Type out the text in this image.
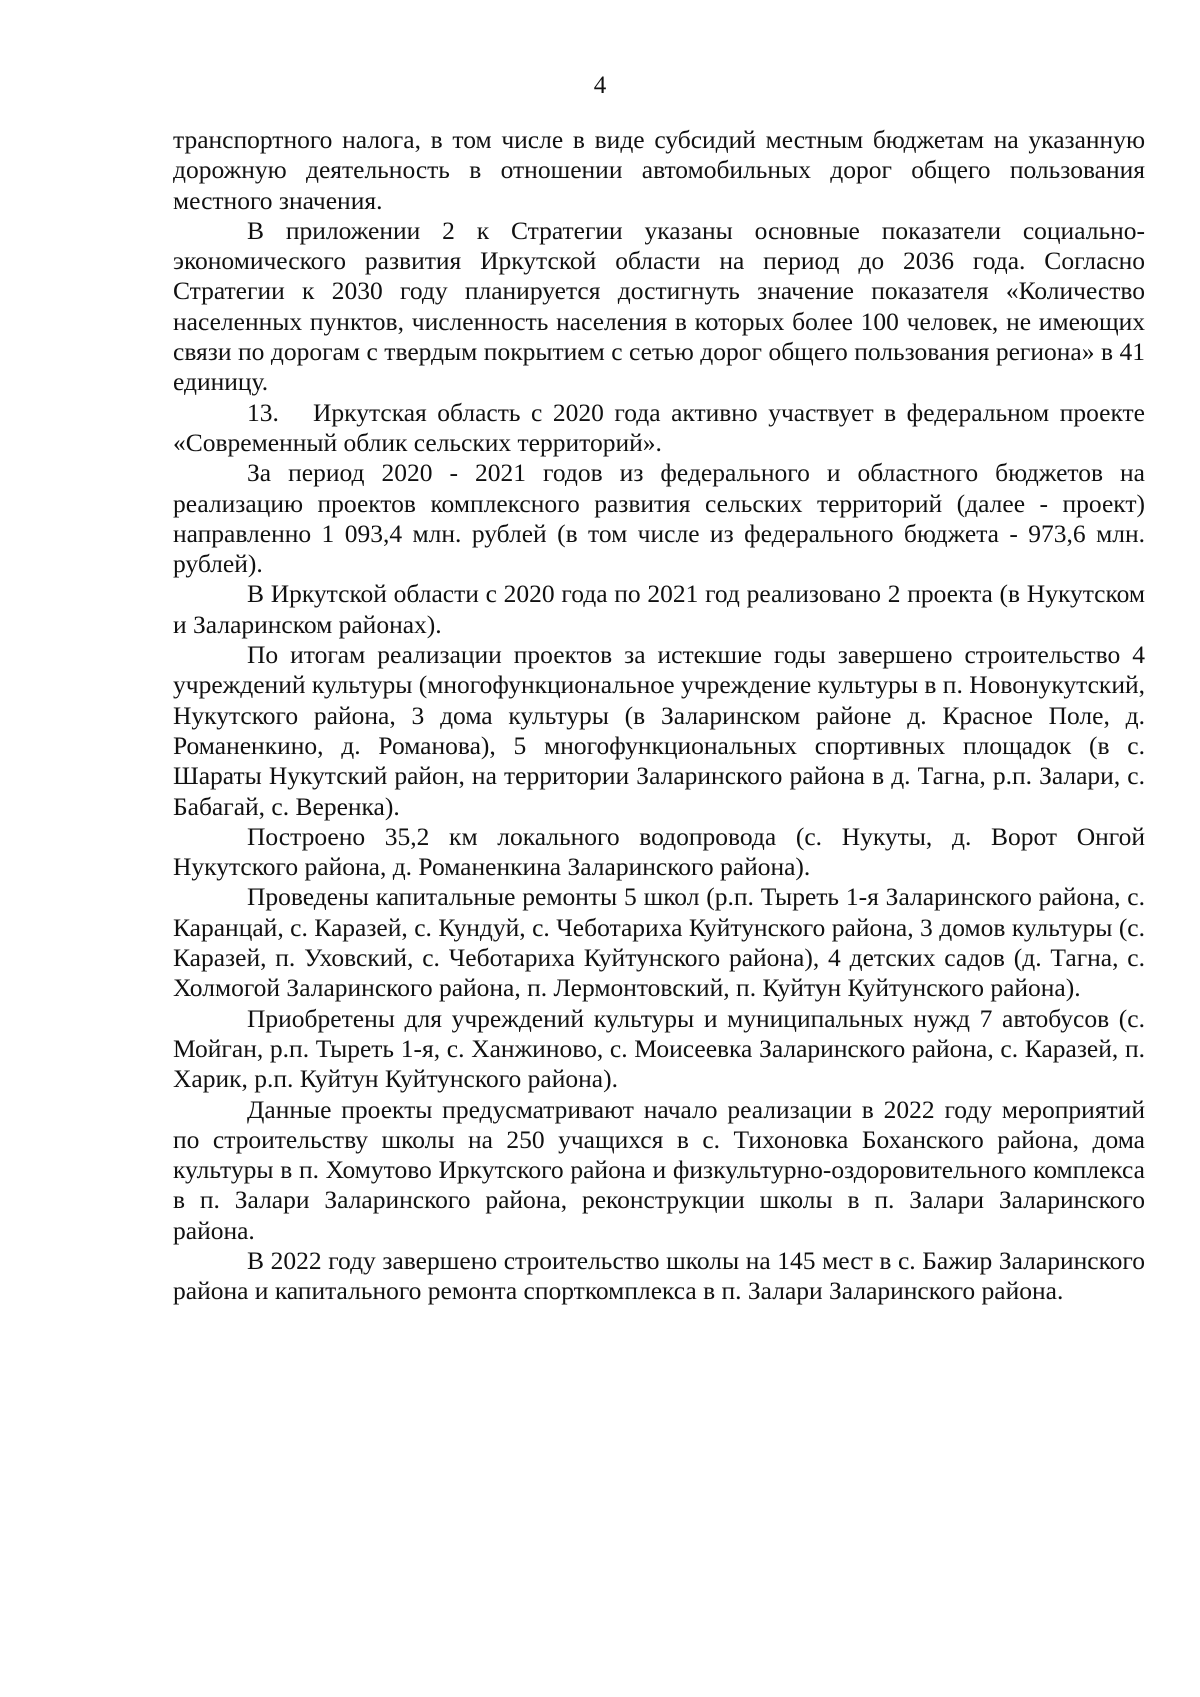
4

транспортного налога, в том числе в виде субсидий местным бюджетам на указанную дорожную деятельность в отношении автомобильных дорог общего пользования местного значения.

В приложении 2 к Стратегии указаны основные показатели социально-экономического развития Иркутской области на период до 2036 года. Согласно Стратегии к 2030 году планируется достигнуть значение показателя «Количество населенных пунктов, численность населения в которых более 100 человек, не имеющих связи по дорогам с твердым покрытием с сетью дорог общего пользования региона» в 41 единицу.

13. Иркутская область с 2020 года активно участвует в федеральном проекте «Современный облик сельских территорий».

За период 2020 - 2021 годов из федерального и областного бюджетов на реализацию проектов комплексного развития сельских территорий (далее - проект) направленно 1 093,4 млн. рублей (в том числе из федерального бюджета - 973,6 млн. рублей).

В Иркутской области с 2020 года по 2021 год реализовано 2 проекта (в Нукутском и Заларинском районах).

По итогам реализации проектов за истекшие годы завершено строительство 4 учреждений культуры (многофункциональное учреждение культуры в п. Новонукутский, Нукутского района, 3 дома культуры (в Заларинском районе д. Красное Поле, д. Романенкино, д. Романова), 5 многофункциональных спортивных площадок (в с. Шараты Нукутский район, на территории Заларинского района в д. Тагна, р.п. Залари, с. Бабагай, с. Веренка).

Построено 35,2 км локального водопровода (с. Нукуты, д. Ворот Онгой Нукутского района, д. Романенкина Заларинского района).

Проведены капитальные ремонты 5 школ (р.п. Тыреть 1-я Заларинского района, с. Каранцай, с. Каразей, с. Кундуй, с. Чеботариха Куйтунского района, 3 домов культуры (с. Каразей, п. Уховский, с. Чеботариха Куйтунского района), 4 детских садов (д. Тагна, с. Холмогой Заларинского района, п. Лермонтовский, п. Куйтун Куйтунского района).

Приобретены для учреждений культуры и муниципальных нужд 7 автобусов (с. Мойган, р.п. Тыреть 1-я, с. Ханжиново, с. Моисеевка Заларинского района, с. Каразей, п. Харик, р.п. Куйтун Куйтунского района).

Данные проекты предусматривают начало реализации в 2022 году мероприятий по строительству школы на 250 учащихся в с. Тихоновка Боханского района, дома культуры в п. Хомутово Иркутского района и физкультурно-оздоровительного комплекса в п. Залари Заларинского района, реконструкции школы в п. Залари Заларинского района.

В 2022 году завершено строительство школы на 145 мест в с. Бажир Заларинского района и капитального ремонта спорткомплекса в п. Залари Заларинского района.
